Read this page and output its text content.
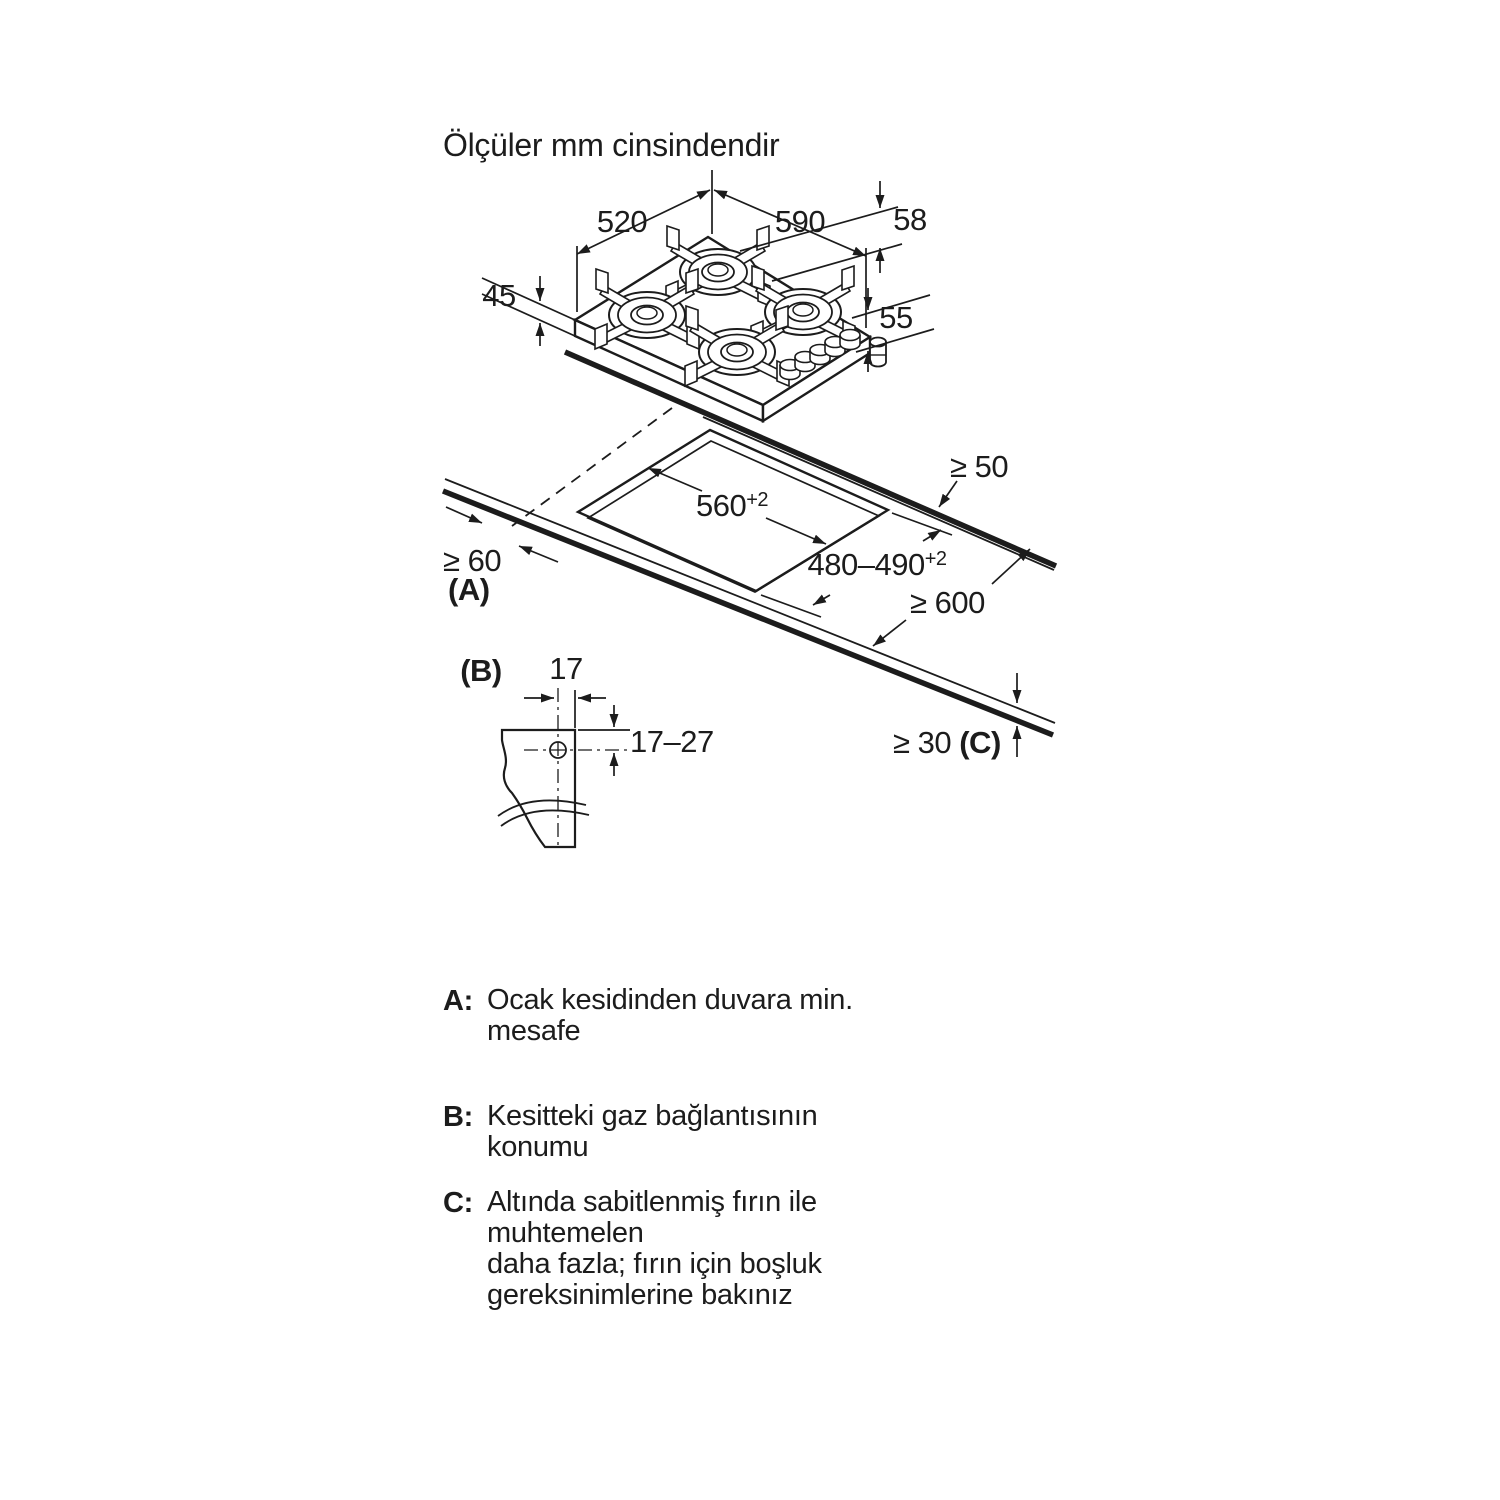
520	590 58
45
55
$560^{+2}$
$480-490^{+2}$
≥ 50
≥ 60
(A)	≥ 600
≥ 30 (C)
(B) 17
17–27
Ölçüler mm cinsindendir
A: Ocak kesidinden duvara min. mesafe
B: Kesitteki gaz bağlantısının konumu
C: Altında sabitlenmiş fırın ile muhtemelen
daha fazla; fırın için boşluk
gereksinimlerine bakınız
